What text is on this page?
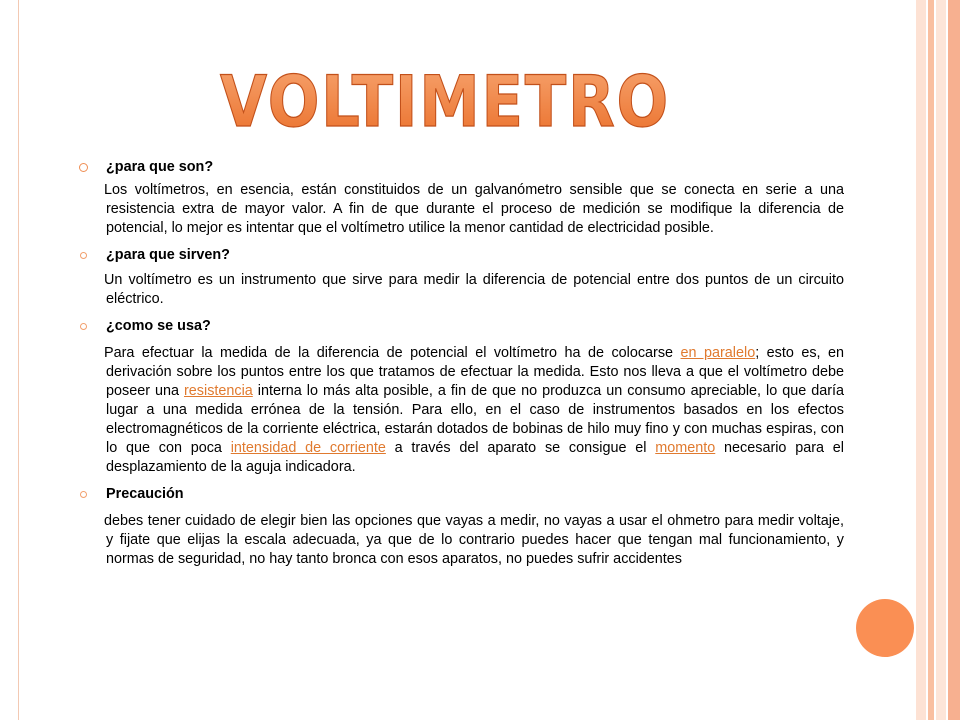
VOLTIMETRO
¿para que son?
Los voltímetros, en esencia, están constituidos de un galvanómetro sensible que se conecta en serie a una resistencia extra de mayor valor. A fin de que durante el proceso de medición se modifique la diferencia de potencial, lo mejor es intentar que el voltímetro utilice la menor cantidad de electricidad posible.
¿para que sirven?
Un voltímetro es un instrumento que sirve para medir la diferencia de potencial entre dos puntos de un circuito eléctrico.
¿como se usa?
Para efectuar la medida de la diferencia de potencial el voltímetro ha de colocarse en paralelo; esto es, en derivación sobre los puntos entre los que tratamos de efectuar la medida. Esto nos lleva a que el voltímetro debe poseer una resistencia interna lo más alta posible, a fin de que no produzca un consumo apreciable, lo que daría lugar a una medida errónea de la tensión. Para ello, en el caso de instrumentos basados en los efectos electromagnéticos de la corriente eléctrica, estarán dotados de bobinas de hilo muy fino y con muchas espiras, con lo que con poca intensidad de corriente a través del aparato se consigue el momento necesario para el desplazamiento de la aguja indicadora.
Precaución
debes tener cuidado de elegir bien las opciones que vayas a medir, no vayas a usar el ohmetro para medir voltaje, y fijate que elijas la escala adecuada, ya que de lo contrario puedes hacer que tengan mal funcionamiento, y normas de seguridad, no hay tanto bronca con esos aparatos, no puedes sufrir accidentes
